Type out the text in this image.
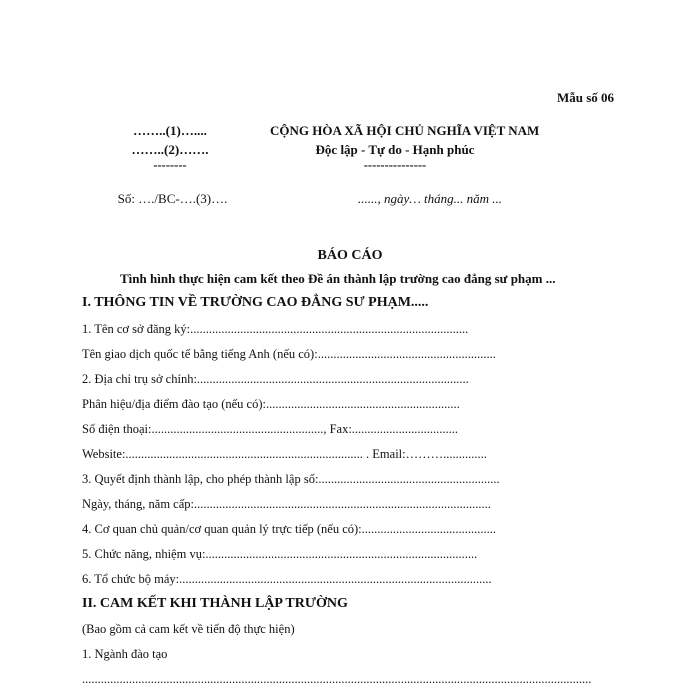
Mẫu số 06
……..(1)…....
……..(2)…….
--------
Số: …./BC-….(3)….
CỘNG HÒA XÃ HỘI CHỦ NGHĨA VIỆT NAM
Độc lập - Tự do - Hạnh phúc
---------------
......, ngày… tháng... năm ...
BÁO CÁO
Tình hình thực hiện cam kết theo Đề án thành lập trường cao đẳng sư phạm ...
I. THÔNG TIN VỀ TRƯỜNG CAO ĐẲNG SƯ PHẠM.....
1. Tên cơ sở đăng ký:.........................................................................................
Tên giao dịch quốc tế bằng tiếng Anh (nếu có):.........................................................
2. Địa chỉ trụ sở chính:.......................................................................................
Phân hiệu/địa điểm đào tạo (nếu có):..............................................................
Số điện thoại:......................................................., Fax:..................................
Website:............................................................................ . Email:………..............
3. Quyết định thành lập, cho phép thành lập số:..........................................................
Ngày, tháng, năm cấp:...............................................................................................
4. Cơ quan chủ quản/cơ quan quản lý trực tiếp (nếu có):...........................................
5. Chức năng, nhiệm vụ:.......................................................................................
6. Tổ chức bộ máy:....................................................................................................
II. CAM KẾT KHI THÀNH LẬP TRƯỜNG
(Bao gồm cả cam kết về tiến độ thực hiện)
1. Ngành đào tạo
...................................................................................................................................................................
